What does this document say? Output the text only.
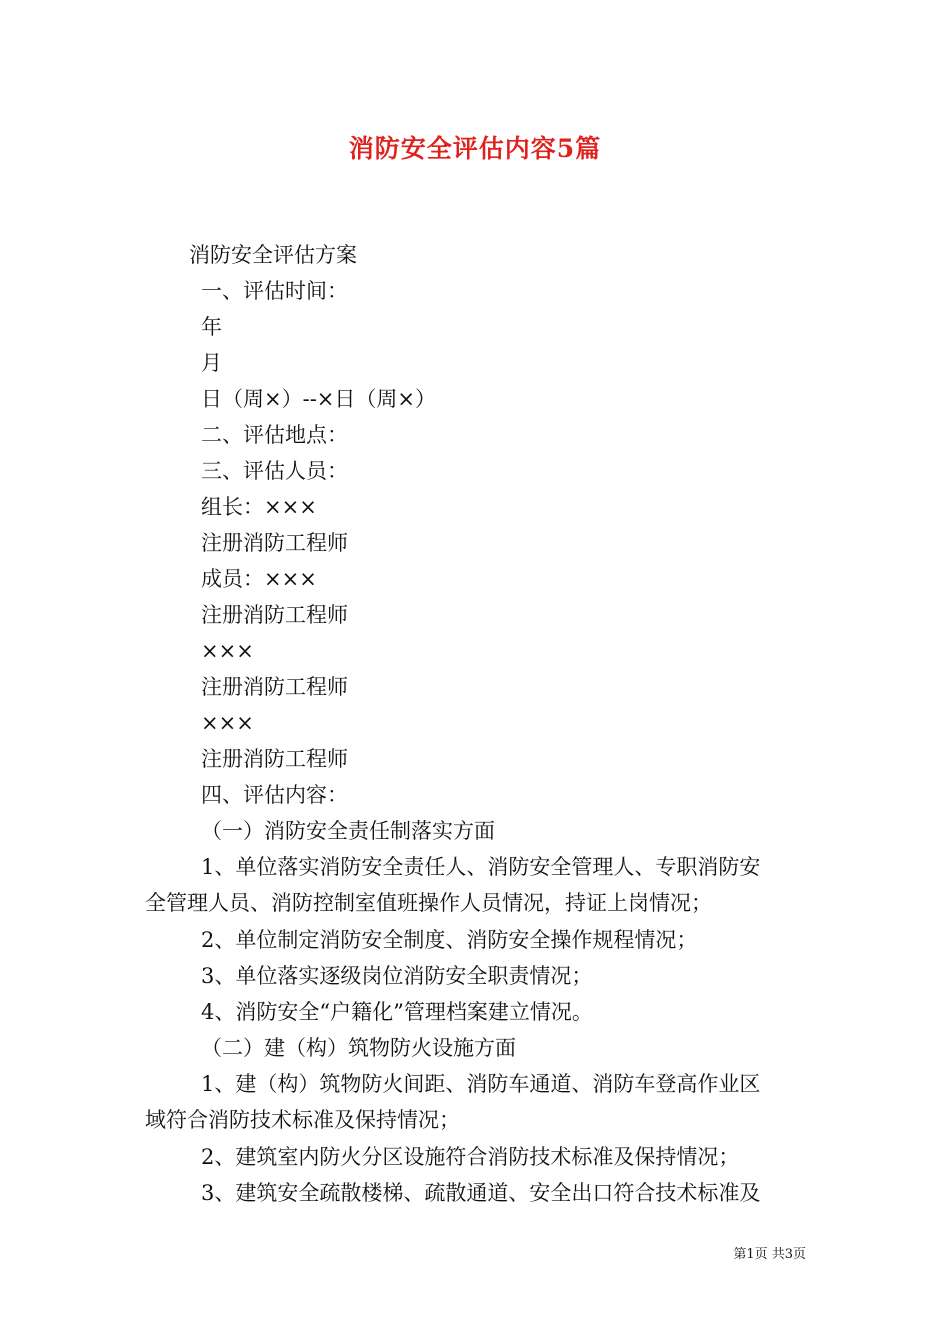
消防安全评估内容5篇
消防安全评估方案
一、评估时间：
年
月
日（周×）--×日（周×）
二、评估地点：
三、评估人员：
组长：×××
注册消防工程师
成员：×××
注册消防工程师
×××
注册消防工程师
×××
注册消防工程师
四、评估内容：
（一）消防安全责任制落实方面
1、单位落实消防安全责任人、消防安全管理人、专职消防安
全管理人员、消防控制室值班操作人员情况，持证上岗情况；
2、单位制定消防安全制度、消防安全操作规程情况；
3、单位落实逐级岗位消防安全职责情况；
4、消防安全“户籍化”管理档案建立情况。
（二）建（构）筑物防火设施方面
1、建（构）筑物防火间距、消防车通道、消防车登高作业区
域符合消防技术标准及保持情况；
2、建筑室内防火分区设施符合消防技术标准及保持情况；
3、建筑安全疏散楼梯、疏散通道、安全出口符合技术标准及
第1页 共3页
